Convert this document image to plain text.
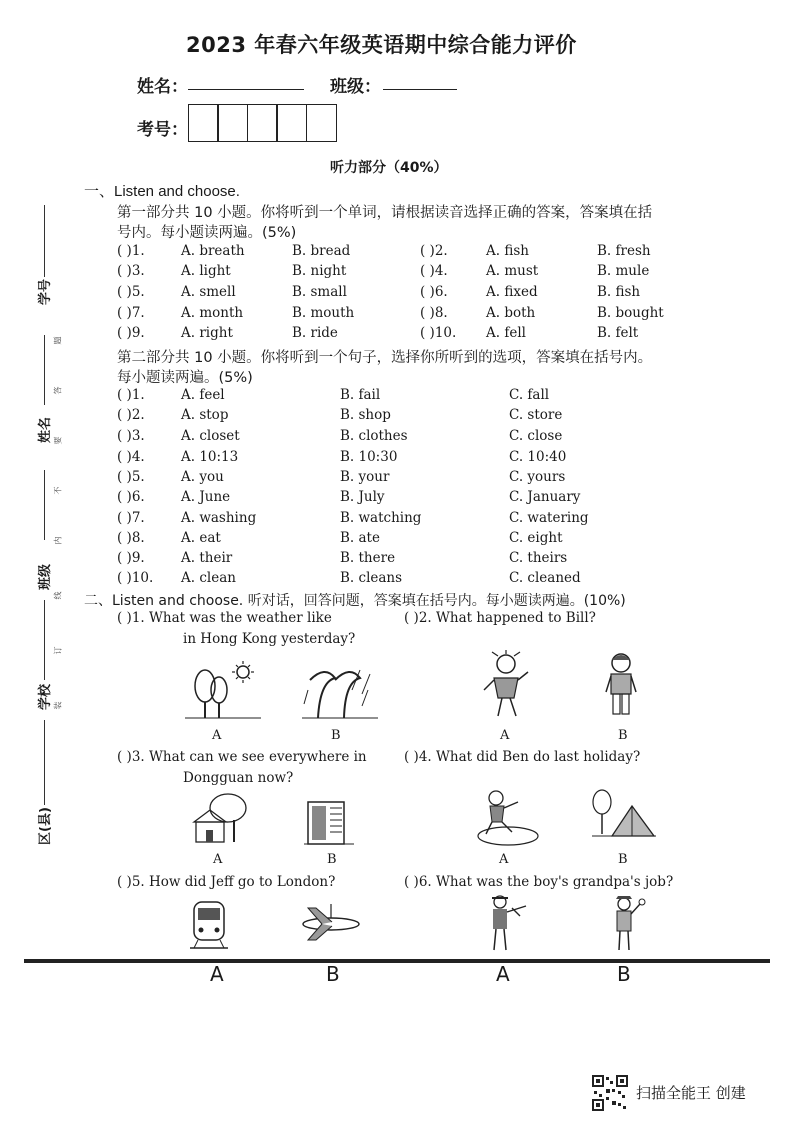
2023 年春六年级英语期中综合能力评价
姓名：	班级：
考号：
听力部分（40%）
学号
姓名
班级
学校
区(县)
题
答
要
不
内
线
订
装
一、Listen and choose.
第一部分共 10 小题。你将听到一个单词，请根据读音选择正确的答案，答案填在括
号内。每小题读两遍。(5%)
( )1.	A. breath	B. bread	( )2.	A. fish	B. fresh
( )3.	A. light	B. night	( )4.	A. must	B. mule
( )5.	A. smell	B. small	( )6.	A. fixed	B. fish
( )7.	A. month	B. mouth	( )8.	A. both	B. bought
( )9.	A. right	B. ride	( )10. A. fell	B. felt
第二部分共 10 小题。你将听到一个句子，选择你所听到的选项，答案填在括号内。
每小题读两遍。(5%)
( )1.	A. feel	B. fail	C. fall
( )2.	A. stop	B. shop	C. store
( )3.	A. closet	B. clothes	C. close
( )4.	A. 10:13	B. 10:30	C. 10:40
( )5.	A. you	B. your	C. yours
( )6.	A. June	B. July	C. January
( )7.	A. washing	B. watching	C. watering
( )8.	A. eat	B. ate	C. eight
( )9.	A. their	B. there	C. theirs
( )10. A. clean	B. cleans	C. cleaned
二、Listen and choose. 听对话，回答问题，答案填在括号内。每小题读两遍。(10%)
( )1. What was the weather like
in Hong Kong yesterday?
( )2. What happened to Bill?
A	B	A	B
( )3. What can we see everywhere in
Dongguan now?
( )4. What did Ben do last holiday?
A	B	A	B
( )5. How did Jeff go to London?	( )6. What was the boy's grandpa's job?
A	B	A	B
扫描全能王 创建
